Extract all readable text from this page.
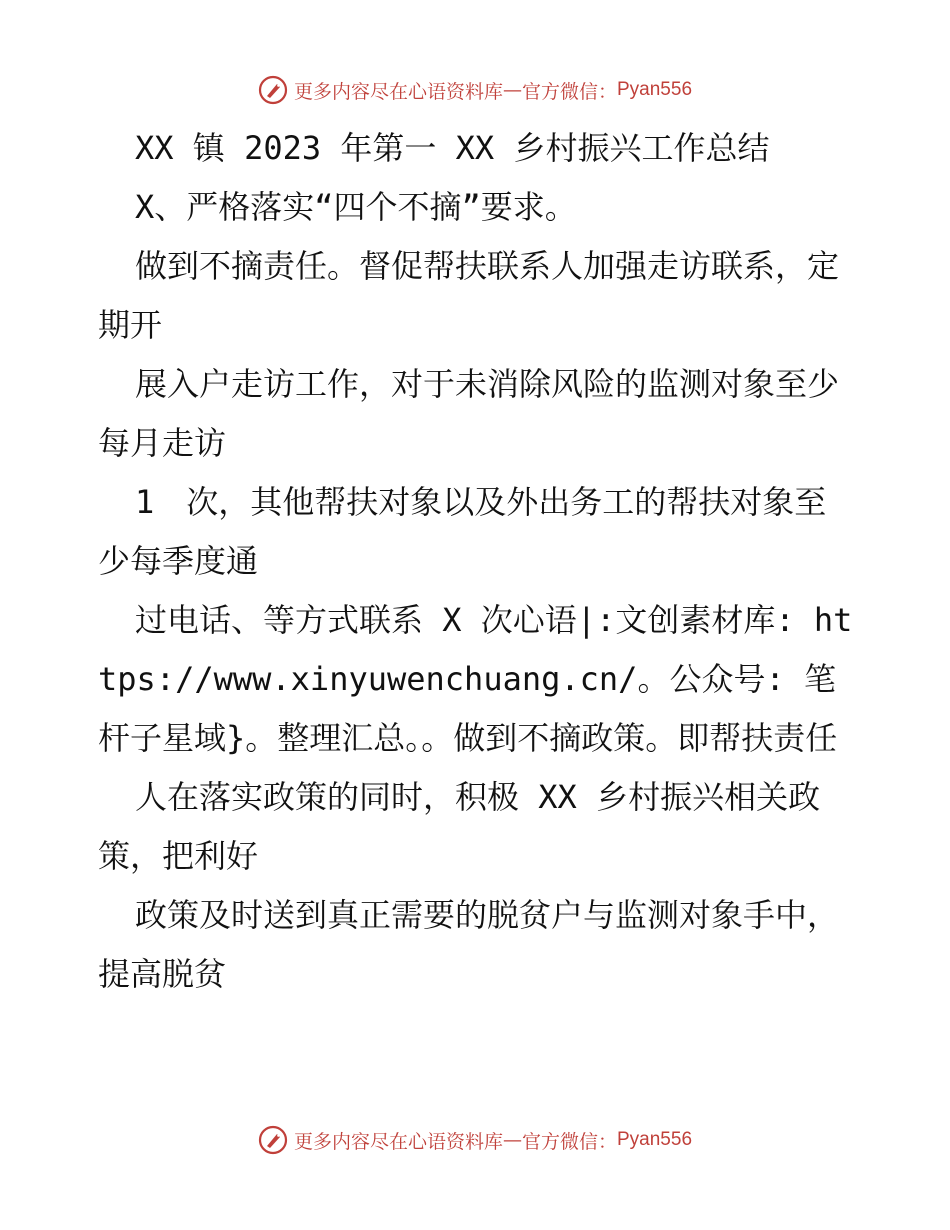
更多内容尽在心语资料库 — 官方微信： Pyan556

XX 镇 2023 年第一 XX 乡村振兴工作总结

X、严格落实“四个不摘”要求。

做到不摘责任。督促帮扶联系人加强走访联系，定期开

展入户走访工作，对于未消除风险的监测对象至少每月走访

1　次，其他帮扶对象以及外出务工的帮扶对象至少每季度通

过电话、等方式联系 X 次心语|:文创素材库: https://www.xinyuwenchuang.cn/。公众号: 笔杆子星域}。整理汇总。。做到不摘政策。即帮扶责任

人在落实政策的同时，积极 XX 乡村振兴相关政策，把利好

政策及时送到真正需要的脱贫户与监测对象手中，提高脱贫

更多内容尽在心语资料库 — 官方微信： Pyan556
